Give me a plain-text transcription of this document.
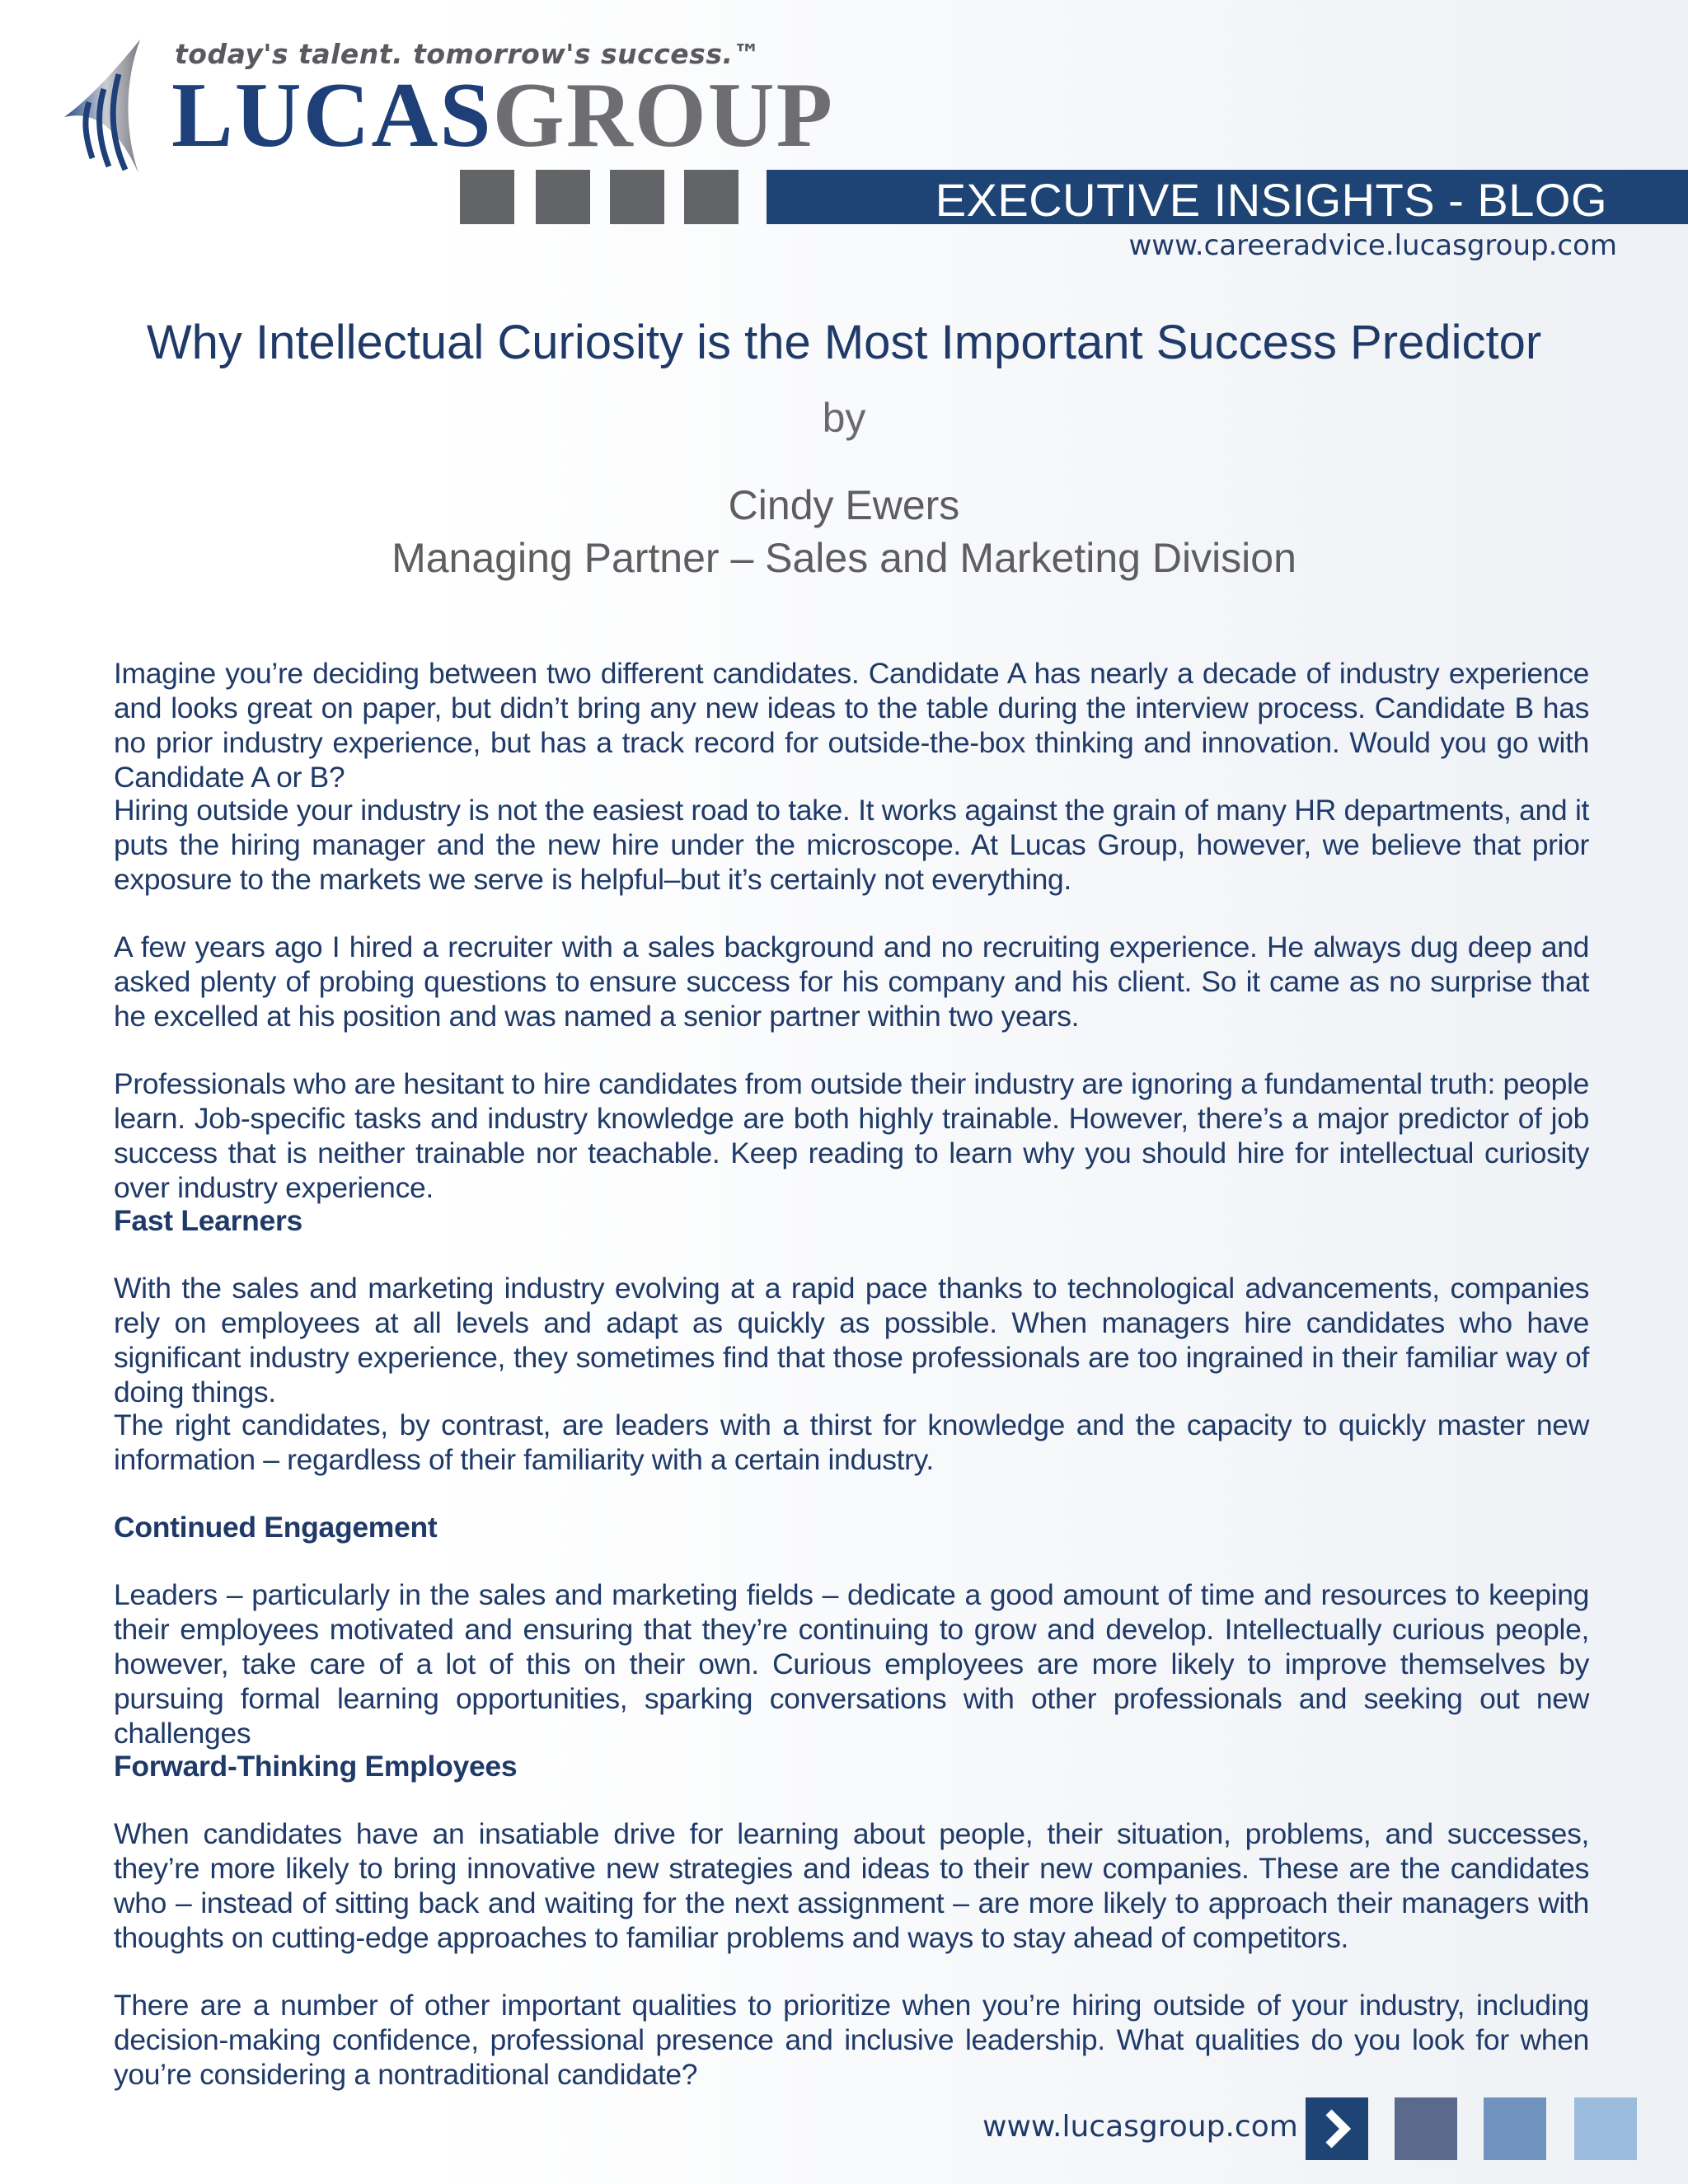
today's talent. tomorrow's success.™
LUCASGROUP
EXECUTIVE INSIGHTS - BLOG
www.careeradvice.lucasgroup.com
Why Intellectual Curiosity is the Most Important Success Predictor
by
Cindy Ewers
Managing Partner – Sales and Marketing Division

Imagine you’re deciding between two different candidates. Candidate A has nearly a decade of industry experience and looks great on paper, but didn’t bring any new ideas to the table during the interview process. Candidate B has no prior industry experience, but has a track record for outside-the-box thinking and innovation. Would you go with Candidate A or B?

Hiring outside your industry is not the easiest road to take. It works against the grain of many HR departments, and it puts the hiring manager and the new hire under the microscope. At Lucas Group, however, we believe that prior exposure to the markets we serve is helpful–but it’s certainly not everything.

A few years ago I hired a recruiter with a sales background and no recruiting experience. He always dug deep and asked plenty of probing questions to ensure success for his company and his client. So it came as no surprise that he excelled at his position and was named a senior partner within two years.

Professionals who are hesitant to hire candidates from outside their industry are ignoring a fundamental truth: people learn. Job-specific tasks and industry knowledge are both highly trainable. However, there’s a major predictor of job success that is neither trainable nor teachable. Keep reading to learn why you should hire for intellectual curiosity over industry experience.

Fast Learners

With the sales and marketing industry evolving at a rapid pace thanks to technological advancements, companies rely on employees at all levels and adapt as quickly as possible. When managers hire candidates who have significant industry experience, they sometimes find that those professionals are too ingrained in their familiar way of doing things.

The right candidates, by contrast, are leaders with a thirst for knowledge and the capacity to quickly master new information – regardless of their familiarity with a certain industry.

Continued Engagement

Leaders – particularly in the sales and marketing fields – dedicate a good amount of time and resources to keeping their employees motivated and ensuring that they’re continuing to grow and develop. Intellectually curious people, however, take care of a lot of this on their own. Curious employees are more likely to improve themselves by pursuing formal learning opportunities, sparking conversations with other professionals and seeking out new challenges

Forward-Thinking Employees

When candidates have an insatiable drive for learning about people, their situation, problems, and successes, they’re more likely to bring innovative new strategies and ideas to their new companies. These are the candidates who – instead of sitting back and waiting for the next assignment – are more likely to approach their managers with thoughts on cutting-edge approaches to familiar problems and ways to stay ahead of competitors.

There are a number of other important qualities to prioritize when you’re hiring outside of your industry, including decision-making confidence, professional presence and inclusive leadership. What qualities do you look for when you’re considering a nontraditional candidate?

www.lucasgroup.com
